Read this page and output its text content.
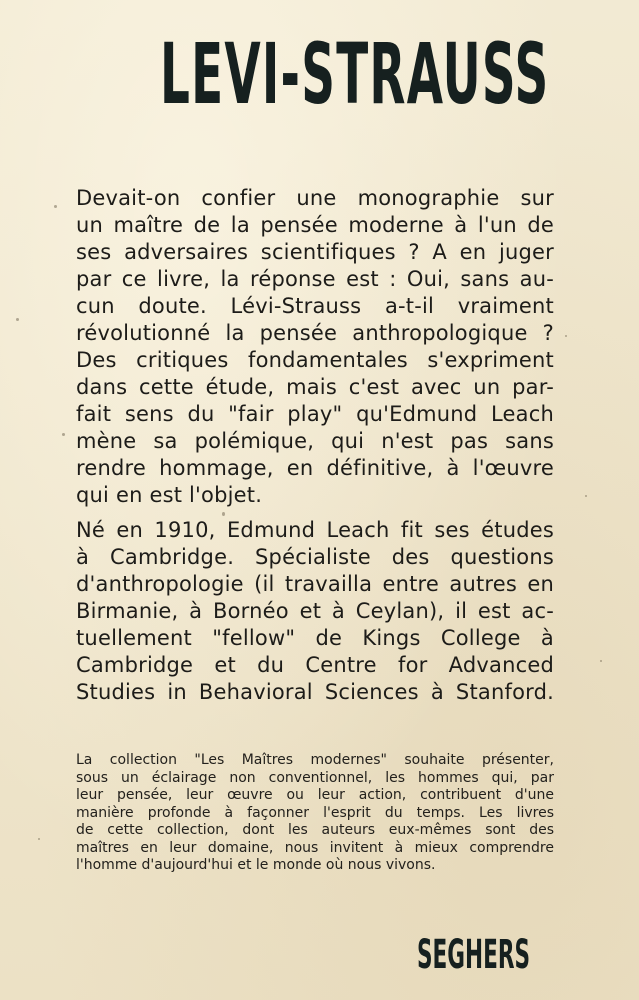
LEVI-STRAUSS
Devait-on confier une monographie sur
un maître de la pensée moderne à l'un de
ses adversaires scientifiques ? A en juger
par ce livre, la réponse est : Oui, sans au-
cun doute. Lévi-Strauss a-t-il vraiment
révolutionné la pensée anthropologique ?
Des critiques fondamentales s'expriment
dans cette étude, mais c'est avec un par-
fait sens du "fair play" qu'Edmund Leach
mène sa polémique, qui n'est pas sans
rendre hommage, en définitive, à l'œuvre
qui en est l'objet.
Né en 1910, Edmund Leach fit ses études
à Cambridge. Spécialiste des questions
d'anthropologie (il travailla entre autres en
Birmanie, à Bornéo et à Ceylan), il est ac-
tuellement "fellow" de Kings College à
Cambridge et du Centre for Advanced
Studies in Behavioral Sciences à Stanford.
La collection "Les Maîtres modernes" souhaite présenter,
sous un éclairage non conventionnel, les hommes qui, par
leur pensée, leur œuvre ou leur action, contribuent d'une
manière profonde à façonner l'esprit du temps. Les livres
de cette collection, dont les auteurs eux-mêmes sont des
maîtres en leur domaine, nous invitent à mieux comprendre
l'homme d'aujourd'hui et le monde où nous vivons.
SEGHERS
